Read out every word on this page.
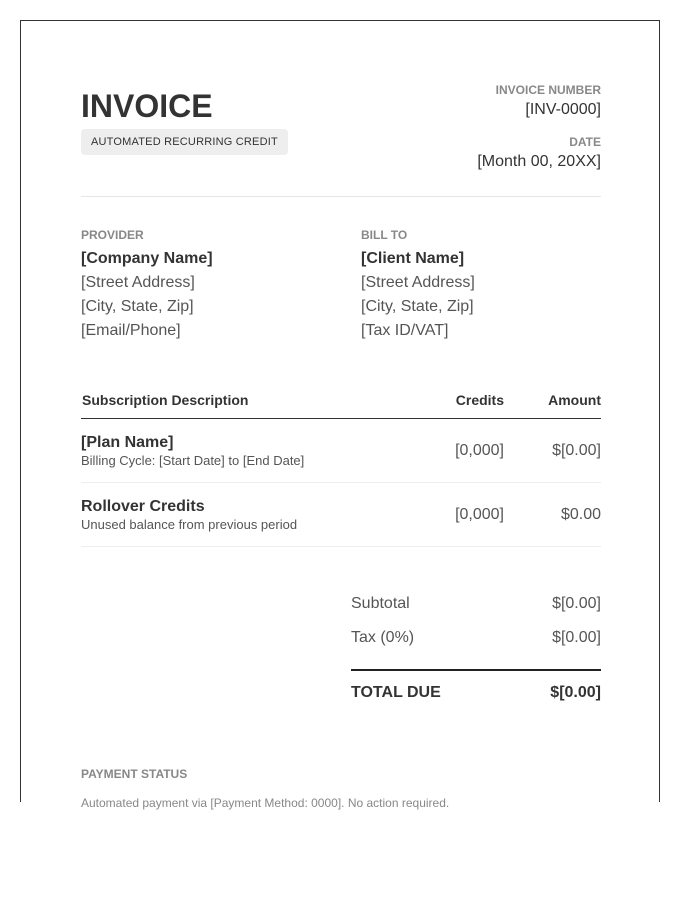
INVOICE
AUTOMATED RECURRING CREDIT
INVOICE NUMBER
[INV-0000]
DATE
[Month 00, 20XX]
PROVIDER
[Company Name]
[Street Address]
[City, State, Zip]
[Email/Phone]
BILL TO
[Client Name]
[Street Address]
[City, State, Zip]
[Tax ID/VAT]
Subscription Description	Credits	Amount
[Plan Name]
Billing Cycle: [Start Date] to [End Date]
[0,000]	$[0.00]
Rollover Credits
Unused balance from previous period
[0,000]	$0.00
Subtotal	$[0.00]
Tax (0%)	$[0.00]
TOTAL DUE	$[0.00]
PAYMENT STATUS
Automated payment via [Payment Method: 0000]. No action required.
